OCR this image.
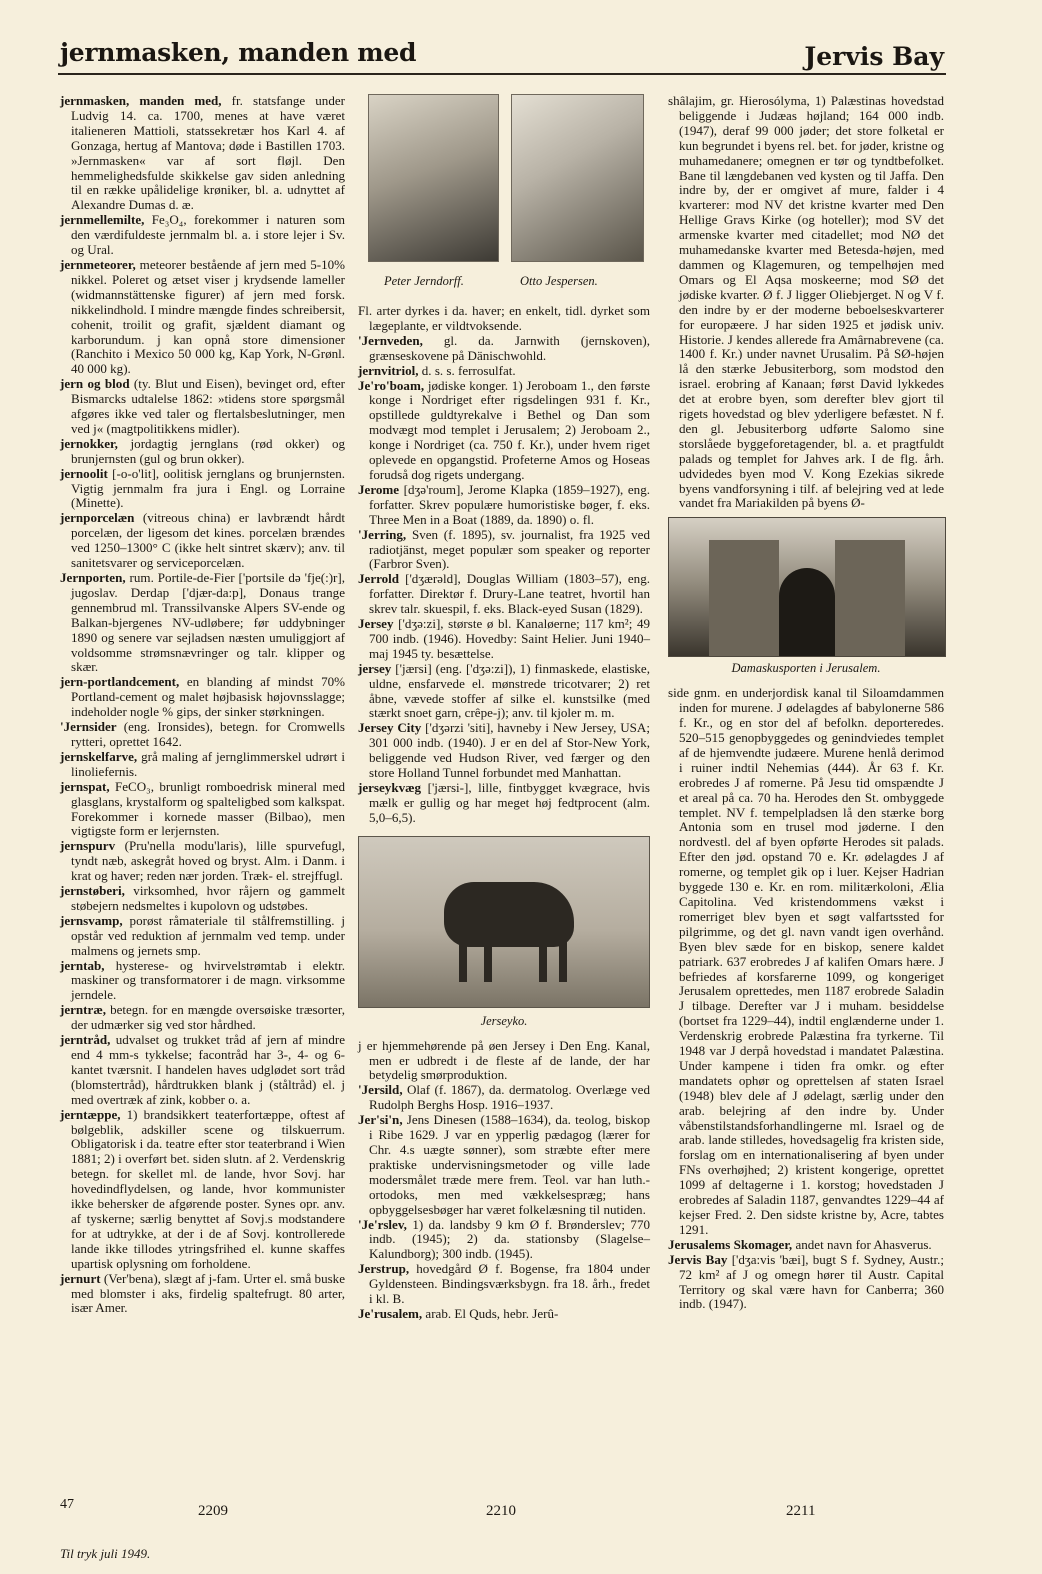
jernmasken, manden med	Jervis Bay

jernmasken, manden med, fr. statsfange under Ludvig 14. ca. 1700, menes at have været italieneren Mattioli, statssekretær hos Karl 4. af Gonzaga, hertug af Mantova; døde i Bastillen 1703. »Jernmasken« var af sort fløjl. Den hemmelighedsfulde skikkelse gav siden anledning til en række upålidelige krøniker, bl. a. udnyttet af Alexandre Dumas d. æ.

jernmellemilte, Fe₃O₄, forekommer i naturen som den værdifuldeste jernmalm bl. a. i store lejer i Sv. og Ural.

jernmeteorer, meteorer bestående af jern med 5-10% nikkel. Poleret og ætset viser j krydsende lameller (widmannstättenske figurer) af jern med forsk. nikkelindhold. I mindre mængde findes schreibersit, cohenit, troilit og grafit, sjældent diamant og karborundum. j kan opnå store dimensioner (Ranchito i Mexico 50 000 kg, Kap York, N-Grønl. 40 000 kg).

jern og blod (ty. Blut und Eisen), bevinget ord, efter Bismarcks udtalelse 1862: »tidens store spørgsmål afgøres ikke ved taler og flertalsbeslutninger, men ved j« (magtpolitikkens midler).

jernokker, jordagtig jernglans (rød okker) og brunjernsten (gul og brun okker).

jernoolit [-o-o'lit], oolitisk jernglans og brunjernsten. Vigtig jernmalm fra jura i Engl. og Lorraine (Minette).

jernporcelæn (vitreous china) er lavbrændt hårdt porcelæn, der ligesom det kines. porcelæn brændes ved 1250–1300° C (ikke helt sintret skærv); anv. til sanitetsvarer og serviceporcelæn.

Jernporten, rum. Portile-de-Fier ['portsile də 'fje(:)r], jugoslav. Derdap ['djær-da:p], Donaus trange gennembrud ml. Transsilvanske Alpers SV-ende og Balkan-bjergenes NV-udløbere; før uddybninger 1890 og senere var sejladsen næsten umuliggjort af voldsomme strømsnævringer og talr. klipper og skær.

jern-portlandcement, en blanding af mindst 70% Portland-cement og malet højbasisk højovnsslagge; indeholder nogle % gips, der sinker størkningen.

'Jernsider (eng. Ironsides), betegn. for Cromwells rytteri, oprettet 1642.

jernskelfarve, grå maling af jernglimmerskel udrørt i linoliefernis.

jernspat, FeCO₃, brunligt romboedrisk mineral med glasglans, krystalform og spalteligbed som kalkspat. Forekommer i kornede masser (Bilbao), men vigtigste form er lerjernsten.

jernspurv (Pru'nella modu'laris), lille spurvefugl, tyndt næb, askegråt hoved og bryst. Alm. i Danm. i krat og haver; reden nær jorden. Træk- el. strejffugl.

jernstøberi, virksomhed, hvor råjern og gammelt støbejern nedsmeltes i kupolovn og udstøbes.

jernsvamp, porøst råmateriale til stålfremstilling. j opstår ved reduktion af jernmalm ved temp. under malmens og jernets smp.

jerntab, hysterese- og hvirvelstrømtab i elektr. maskiner og transformatorer i de magn. virksomme jerndele.

jerntræ, betegn. for en mængde oversøiske træsorter, der udmærker sig ved stor hårdhed.

jerntråd, udvalset og trukket tråd af jern af mindre end 4 mm-s tykkelse; facontråd har 3-, 4- og 6-kantet tværsnit. I handelen haves udglødet sort tråd (blomstertråd), hårdtrukken blank j (ståltråd) el. j med overtræk af zink, kobber o. a.

jerntæppe, 1) brandsikkert teaterfortæppe, oftest af bølgeblik, adskiller scene og tilskuerrum. Obligatorisk i da. teatre efter stor teaterbrand i Wien 1881; 2) i overført bet. siden slutn. af 2. Verdenskrig betegn. for skellet ml. de lande, hvor Sovj. har hovedindflydelsen, og lande, hvor kommunister ikke behersker de afgørende poster. Synes opr. anv. af tyskerne; særlig benyttet af Sovj.s modstandere for at udtrykke, at der i de af Sovj. kontrollerede lande ikke tillodes ytringsfrihed el. kunne skaffes upartisk oplysning om forholdene.

jernurt (Ver'bena), slægt af j-fam. Urter el. små buske med blomster i aks, firdelig spaltefrugt. 80 arter, især Amer.

Peter Jerndorff.	Otto Jespersen.

Fl. arter dyrkes i da. haver; en enkelt, tidl. dyrket som lægeplante, er vildtvoksende.

'Jernveden, gl. da. Jarnwith (jernskoven), grænseskovene på Dänischwohld.

jernvitriol, d. s. s. ferrosulfat.

Je'ro'boam, jødiske konger. 1) Jeroboam 1., den første konge i Nordriget efter rigsdelingen 931 f. Kr., opstillede guldtyrekalve i Bethel og Dan som modvægt mod templet i Jerusalem; 2) Jeroboam 2., konge i Nordriget (ca. 750 f. Kr.), under hvem riget oplevede en opgangstid. Profeterne Amos og Hoseas forudså dog rigets undergang.

Jerome [dʒə'roum], Jerome Klapka (1859–1927), eng. forfatter. Skrev populære humoristiske bøger, f. eks. Three Men in a Boat (1889, da. 1890) o. fl.

'Jerring, Sven (f. 1895), sv. journalist, fra 1925 ved radiotjänst, meget populær som speaker og reporter (Farbror Sven).

Jerrold ['dʒærəld], Douglas William (1803–57), eng. forfatter. Direktør f. Drury-Lane teatret, hvortil han skrev talr. skuespil, f. eks. Black-eyed Susan (1829).

Jersey ['dʒə:zi], største ø bl. Kanaløerne; 117 km²; 49 700 indb. (1946). Hovedby: Saint Helier. Juni 1940–maj 1945 ty. besættelse.

jersey ['jærsi] (eng. ['dʒə:zi]), 1) finmaskede, elastiske, uldne, ensfarvede el. mønstrede tricotvarer; 2) ret åbne, vævede stoffer af silke el. kunstsilke (med stærkt snoet garn, crêpe-j); anv. til kjoler m. m.

Jersey City ['dʒərzi 'siti], havneby i New Jersey, USA; 301 000 indb. (1940). J er en del af Stor-New York, beliggende ved Hudson River, ved færger og den store Holland Tunnel forbundet med Manhattan.

jerseykvæg ['jærsi-], lille, fintbygget kvægrace, hvis mælk er gullig og har meget høj fedtprocent (alm. 5,0–6,5).

Jerseyko.

j er hjemmehørende på øen Jersey i Den Eng. Kanal, men er udbredt i de fleste af de lande, der har betydelig smørproduktion.

'Jersild, Olaf (f. 1867), da. dermatolog. Overlæge ved Rudolph Berghs Hosp. 1916–1937.

Jer'si'n, Jens Dinesen (1588–1634), da. teolog, biskop i Ribe 1629. J var en ypperlig pædagog (lærer for Chr. 4.s uægte sønner), som stræbte efter mere praktiske undervisningsmetoder og ville lade modersmålet træde mere frem. Teol. var han luth.-ortodoks, men med vækkelsespræg; hans opbyggelsesbøger har været folkelæsning til nutiden.

'Je'rslev, 1) da. landsby 9 km Ø f. Brønderslev; 770 indb. (1945); 2) da. stationsby (Slagelse–Kalundborg); 300 indb. (1945).

Jerstrup, hovedgård Ø f. Bogense, fra 1804 under Gyldensteen. Bindingsværksbygn. fra 18. årh., fredet i kl. B.

Je'rusalem, arab. El Quds, hebr. Jerû-

shâlajim, gr. Hierosólyma, 1) Palæstinas hovedstad beliggende i Judæas højland; 164 000 indb. (1947), deraf 99 000 jøder; det store folketal er kun begrundet i byens rel. bet. for jøder, kristne og muhamedanere; omegnen er tør og tyndtbefolket. Bane til længdebanen ved kysten og til Jaffa. Den indre by, der er omgivet af mure, falder i 4 kvarterer: mod NV det kristne kvarter med Den Hellige Gravs Kirke (og hoteller); mod SV det armenske kvarter med citadellet; mod NØ det muhamedanske kvarter med Betesda-højen, med dammen og Klagemuren, og tempelhøjen med Omars og El Aqsa moskeerne; mod SØ det jødiske kvarter. Ø f. J ligger Oliebjerget. N og V f. den indre by er der moderne beboelseskvarterer for europæere. J har siden 1925 et jødisk univ. Historie. J kendes allerede fra Amârnabrevene (ca. 1400 f. Kr.) under navnet Urusalim. På SØ-højen lå den stærke Jebusiterborg, som modstod den israel. erobring af Kanaan; først David lykkedes det at erobre byen, som derefter blev gjort til rigets hovedstad og blev yderligere befæstet. N f. den gl. Jebusiterborg udførte Salomo sine storslåede byggeforetagender, bl. a. et pragtfuldt palads og templet for Jahves ark. I de flg. årh. udvidedes byen mod V. Kong Ezekias sikrede byens vandforsyning i tilf. af belejring ved at lede vandet fra Mariakilden på byens Ø-

Damaskusporten i Jerusalem.

side gnm. en underjordisk kanal til Siloamdammen inden for murene. J ødelagdes af babylonerne 586 f. Kr., og en stor del af befolkn. deporteredes. 520–515 genopbyggedes og genindviedes templet af de hjemvendte judæere. Murene henlå derimod i ruiner indtil Nehemias (444). År 63 f. Kr. erobredes J af romerne. På Jesu tid omspændte J et areal på ca. 70 ha. Herodes den St. ombyggede templet. NV f. tempelpladsen lå den stærke borg Antonia som en trusel mod jøderne. I den nordvestl. del af byen opførte Herodes sit palads. Efter den jød. opstand 70 e. Kr. ødelagdes J af romerne, og templet gik op i luer. Kejser Hadrian byggede 130 e. Kr. en rom. militærkoloni, Ælia Capitolina. Ved kristendommens vækst i romerriget blev byen et søgt valfartssted for pilgrimme, og det gl. navn vandt igen overhånd. Byen blev sæde for en biskop, senere kaldet patriark. 637 erobredes J af kalifen Omars hære. J befriedes af korsfarerne 1099, og kongeriget Jerusalem oprettedes, men 1187 erobrede Saladin J tilbage. Derefter var J i muham. besiddelse (bortset fra 1229–44), indtil englænderne under 1. Verdenskrig erobrede Palæstina fra tyrkerne. Til 1948 var J derpå hovedstad i mandatet Palæstina. Under kampene i tiden fra omkr. og efter mandatets ophør og oprettelsen af staten Israel (1948) blev dele af J ødelagt, særlig under den arab. belejring af den indre by. Under våbenstilstandsforhandlingerne ml. Israel og de arab. lande stilledes, hovedsagelig fra kristen side, forslag om en internationalisering af byen under FNs overhøjhed; 2) kristent kongerige, oprettet 1099 af deltagerne i 1. korstog; hovedstaden J erobredes af Saladin 1187, genvandtes 1229–44 af kejser Fred. 2. Den sidste kristne by, Acre, tabtes 1291.

Jerusalems Skomager, andet navn for Ahasverus.

Jervis Bay ['dʒa:vis 'bæi], bugt S f. Sydney, Austr.; 72 km² af J og omegn hører til Austr. Capital Territory og skal være havn for Canberra; 360 indb. (1947).

47	2209	2210	2211
Til tryk juli 1949.
